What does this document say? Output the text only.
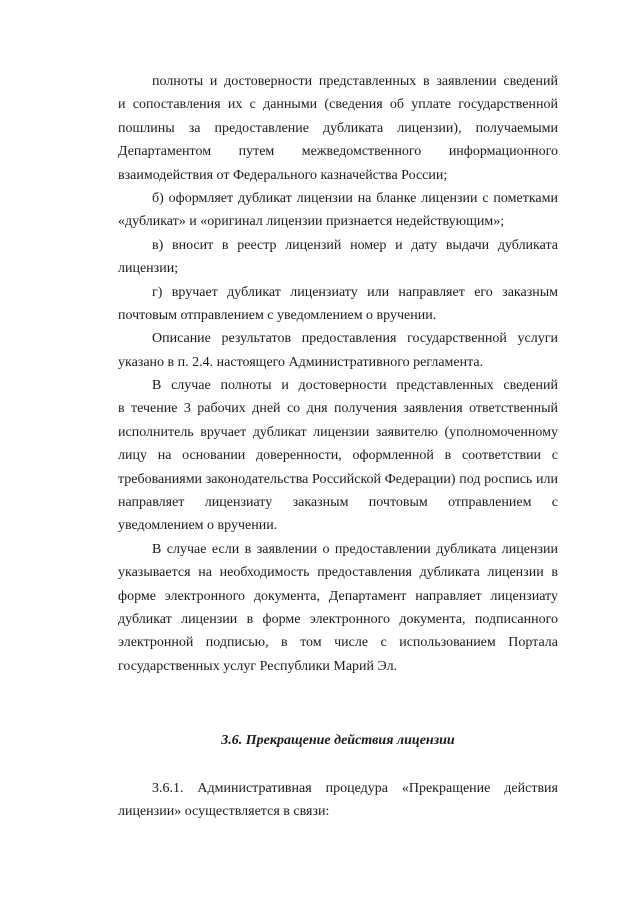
полноты и достоверности представленных в заявлении сведений
и сопоставления их с данными (сведения об уплате государственной
пошлины за предоставление дубликата лицензии), получаемыми
Департаментом путем межведомственного информационного
взаимодействия от Федерального казначейства России;
б) оформляет дубликат лицензии на бланке лицензии с пометками
«дубликат» и «оригинал лицензии признается недействующим»;
в) вносит в реестр лицензий номер и дату выдачи дубликата
лицензии;
г) вручает дубликат лицензиату или направляет его заказным
почтовым отправлением с уведомлением о вручении.
Описание результатов предоставления государственной услуги
указано в п. 2.4. настоящего Административного регламента.
В случае полноты и достоверности представленных сведений
в течение 3 рабочих дней со дня получения заявления ответственный
исполнитель вручает дубликат лицензии заявителю (уполномоченному
лицу на основании доверенности, оформленной в соответствии с
требованиями законодательства Российской Федерации) под роспись или
направляет лицензиату заказным почтовым отправлением с
уведомлением о вручении.
В случае если в заявлении о предоставлении дубликата лицензии
указывается на необходимость предоставления дубликата лицензии в
форме электронного документа, Департамент направляет лицензиату
дубликат лицензии в форме электронного документа, подписанного
электронной подписью, в том числе с использованием Портала
государственных услуг Республики Марий Эл.
3.6. Прекращение действия лицензии
3.6.1. Административная процедура «Прекращение действия
лицензии» осуществляется в связи:
